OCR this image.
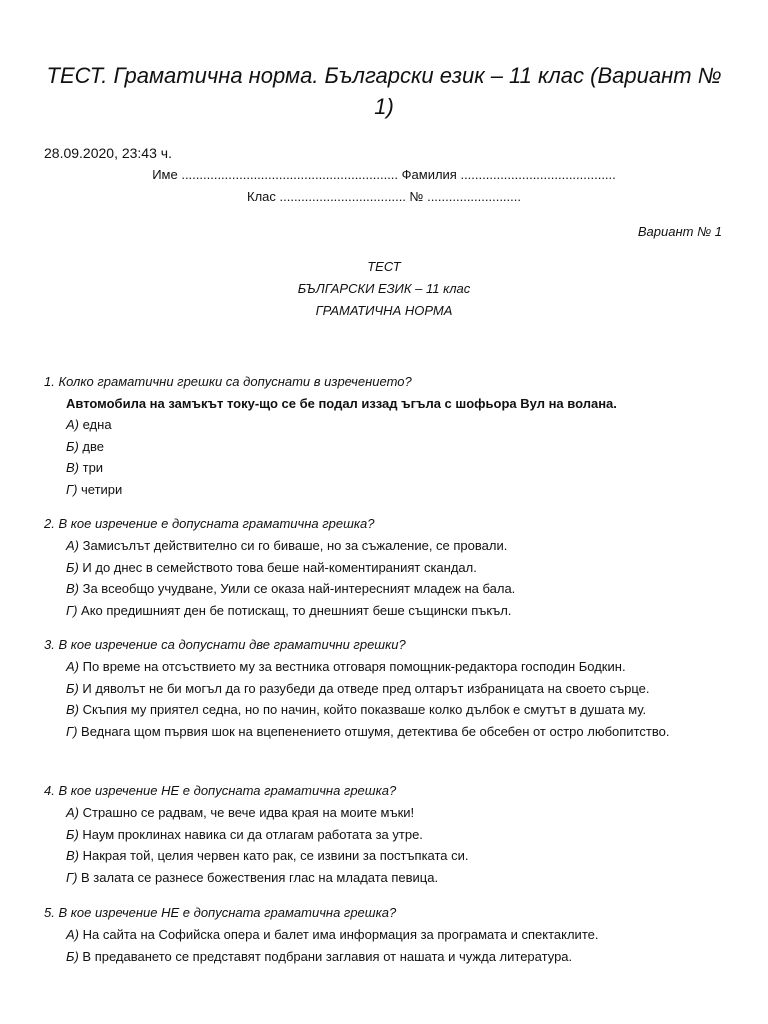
ТЕСТ. Граматична норма. Български език – 11 клас (Вариант № 1)
28.09.2020, 23:43 ч.
Име ............................................................ Фамилия ...........................................
Клас ................................... № ..........................
Вариант № 1
ТЕСТ
БЪЛГАРСКИ ЕЗИК – 11 клас
ГРАМАТИЧНА НОРМА
1. Колко граматични грешки са допуснати в изречението?
Автомобила на замъкът току-що се бе подал иззад ъгъла с шофьора Вул на волана.
А) една
Б) две
В) три
Г) четири
2. В кое изречение е допусната граматична грешка?
А) Замисълът действително си го биваше, но за съжаление, се провали.
Б) И до днес в семейството това беше най-коментираният скандал.
В) За всеобщо учудване, Уили се оказа най-интересният младеж на бала.
Г) Ако предишният ден бе потискащ, то днешният беше същински пъкъл.
3. В кое изречение са допуснати две граматични грешки?
А) По време на отсъствието му за вестника отговаря помощник-редактора господин Бодкин.
Б) И дяволът не би могъл да го разубеди да отведе пред олтарът избраницата на своето сърце.
В) Скъпия му приятел седна, но по начин, който показваше колко дълбок е смутът в душата му.
Г) Веднага щом първия шок на вцепенението отшумя, детектива бе обсебен от остро любопитство.
4. В кое изречение НЕ е допусната граматична грешка?
А) Страшно се радвам, че вече идва края на моите мъки!
Б) Наум проклинах навика си да отлагам работата за утре.
В) Накрая той, целия червен като рак, се извини за постъпката си.
Г) В залата се разнесе божествения глас на младата певица.
5. В кое изречение НЕ е допусната граматична грешка?
А) На сайта на Софийска опера и балет има информация за програмата и спектаклите.
Б) В предаването се представят подбрани заглавия от нашата и чужда литература.
